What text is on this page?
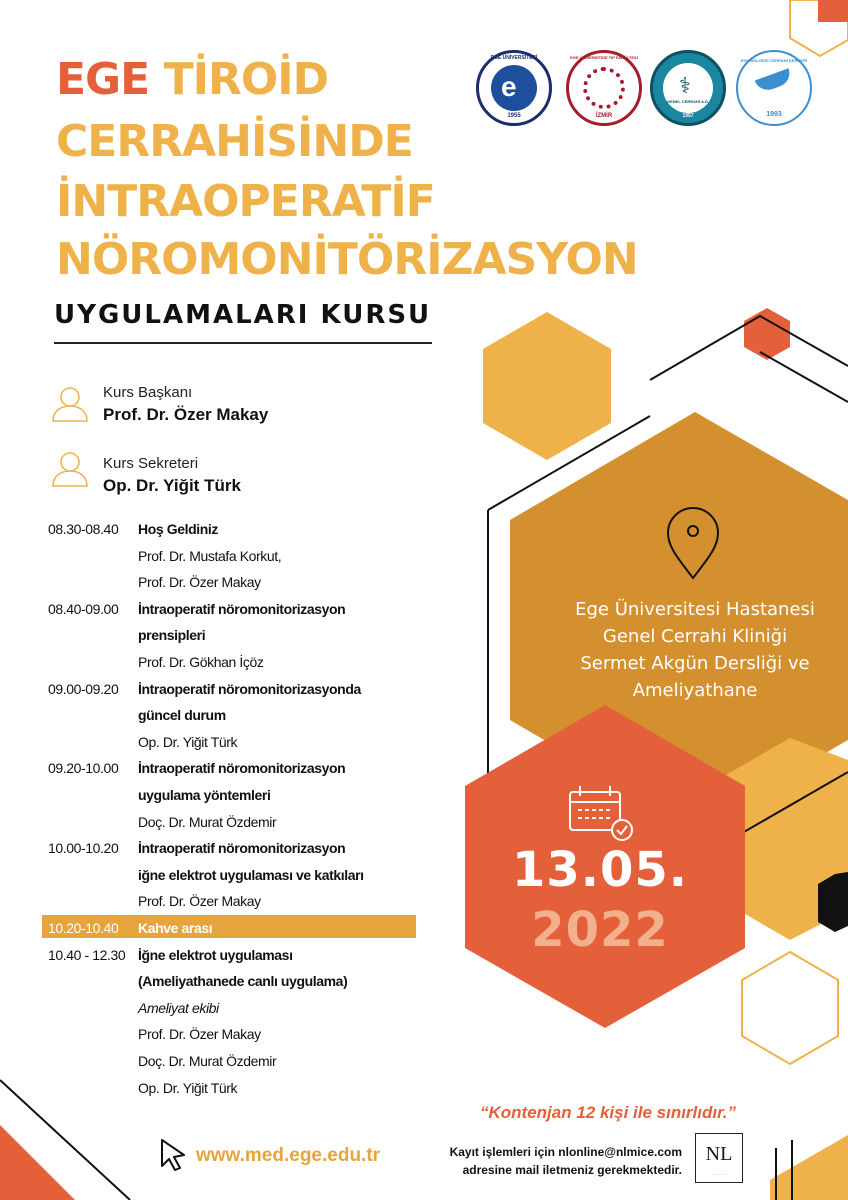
EGE TİROİD
CERRAHİSİNDE
İNTRAOPERATİF
NÖROMONİTÖRİZASYON
UYGULAMALARI KURSU
e
EGE ÜNİVERSİTESİ
1955
EGE ÜNİVERSİTESİ TIP FAKÜLTESİ
İZMİR
⚕
GENEL CERRAHİ A.D.
1957
EGE BÖLGESİ CERRAHİ DERNEĞİ
1993
Kurs Başkanı
Prof. Dr. Özer Makay
Kurs Sekreteri
Op. Dr. Yiğit Türk
08.30-08.40	Hoş Geldiniz
Prof. Dr. Mustafa Korkut,
Prof. Dr. Özer Makay
08.40-09.00	İntraoperatif nöromonitorizasyon
prensipleri
Prof. Dr. Gökhan İçöz
09.00-09.20	İntraoperatif nöromonitorizasyonda
güncel durum
Op. Dr. Yiğit Türk
09.20-10.00	İntraoperatif nöromonitorizasyon
uygulama yöntemleri
Doç. Dr. Murat Özdemir
10.00-10.20	İntraoperatif nöromonitorizasyon
iğne elektrot uygulaması ve katkıları
Prof. Dr. Özer Makay
10.20-10.40	Kahve arası
10.40 - 12.30 İğne elektrot uygulaması
(Ameliyathanede canlı uygulama)
Ameliyat ekibi
Prof. Dr. Özer Makay
Doç. Dr. Murat Özdemir
Op. Dr. Yiğit Türk
Ege Üniversitesi Hastanesi
Genel Cerrahi Kliniği
Sermet Akgün Dersliği ve
Ameliyathane
13.05.
2022
“Kontenjan 12 kişi ile sınırlıdır.”
Kayıt işlemleri için nlonline@nlmice.com
adresine mail iletmeniz gerekmektedir.
www.med.ege.edu.tr	NL
· · · · ·
